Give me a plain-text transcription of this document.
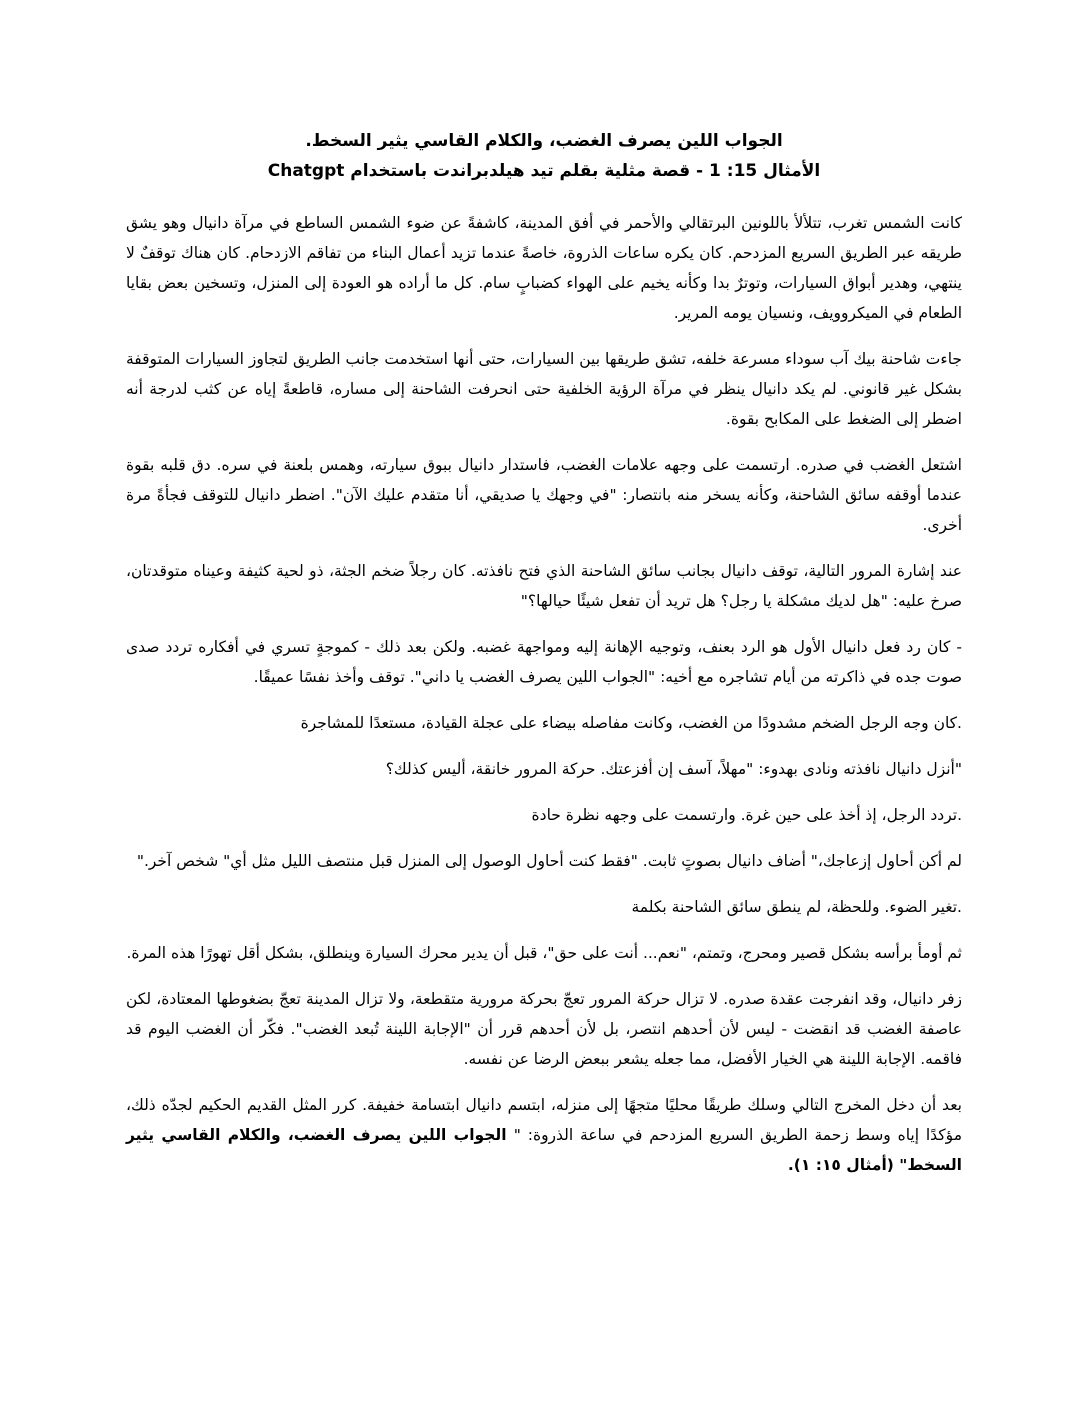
.الجواب اللين يصرف الغضب، والكلام القاسي يثير السخط

Chatgpt الأمثال 15: 1 - قصة مثلية بقلم تيد هيلدبراندت باستخدام

كانت الشمس تغرب، تتلألأ باللونين البرتقالي والأحمر في أفق المدينة، كاشفةً عن ضوء الشمس الساطع في مرآة دانيال وهو يشق طريقه عبر الطريق السريع المزدحم. كان يكره ساعات الذروة، خاصةً عندما تزيد أعمال البناء من تفاقم الازدحام. كان هناك توقفٌ لا ينتهي، وهدير أبواق السيارات، وتوترٌ بدا وكأنه يخيم على الهواء كضبابٍ سام. كل ما أراده هو العودة إلى المنزل، وتسخين بعض بقايا الطعام في الميكروويف، ونسيان يومه المرير.

جاءت شاحنة بيك آب سوداء مسرعة خلفه، تشق طريقها بين السيارات، حتى أنها استخدمت جانب الطريق لتجاوز السيارات المتوقفة بشكل غير قانوني. لم يكد دانيال ينظر في مرآة الرؤية الخلفية حتى انحرفت الشاحنة إلى مساره، قاطعةً إياه عن كثب لدرجة أنه اضطر إلى الضغط على المكابح بقوة.

اشتعل الغضب في صدره. ارتسمت على وجهه علامات الغضب، فاستدار دانيال ببوق سيارته، وهمس بلعنة في سره. دق قلبه بقوة عندما أوقفه سائق الشاحنة، وكأنه يسخر منه بانتصار: "في وجهك يا صديقي، أنا متقدم عليك الآن". اضطر دانيال للتوقف فجأةً مرة أخرى.

عند إشارة المرور التالية، توقف دانيال بجانب سائق الشاحنة الذي فتح نافذته. كان رجلاً ضخم الجثة، ذو لحية كثيفة وعيناه متوقدتان، صرخ عليه: "هل لديك مشكلة يا رجل؟ هل تريد أن تفعل شيئًا حيالها؟"

- كان رد فعل دانيال الأول هو الرد بعنف، وتوجيه الإهانة إليه ومواجهة غضبه. ولكن بعد ذلك - كموجةٍ تسري في أفكاره تردد صدى صوت جده في ذاكرته من أيام تشاجره مع أخيه: "الجواب اللين يصرف الغضب يا داني". توقف وأخذ نفسًا عميقًا.

.كان وجه الرجل الضخم مشدودًا من الغضب، وكانت مفاصله بيضاء على عجلة القيادة، مستعدًا للمشاجرة

"أنزل دانيال نافذته ونادى بهدوء: "مهلاً، آسف إن أفزعتك. حركة المرور خانقة، أليس كذلك؟

.تردد الرجل، إذ أخذ على حين غرة. وارتسمت على وجهه نظرة حادة

لم أكن أحاول إزعاجك،" أضاف دانيال بصوتٍ ثابت. "فقط كنت أحاول الوصول إلى المنزل قبل منتصف الليل مثل أي" شخص آخر."

.تغير الضوء. وللحظة، لم ينطق سائق الشاحنة بكلمة

ثم أومأ برأسه بشكل قصير ومحرج، وتمتم، "نعم... أنت على حق"، قبل أن يدير محرك السيارة وينطلق، بشكل أقل تهورًا هذه المرة.

زفر دانيال، وقد انفرجت عقدة صدره. لا تزال حركة المرور تعجّ بحركة مرورية متقطعة، ولا تزال المدينة تعجّ بضغوطها المعتادة، لكن عاصفة الغضب قد انقضت - ليس لأن أحدهم انتصر، بل لأن أحدهم قرر أن "الإجابة اللينة تُبعد الغضب". فكّر أن الغضب اليوم قد فاقمه. الإجابة اللينة هي الخيار الأفضل، مما جعله يشعر ببعض الرضا عن نفسه.

بعد أن دخل المخرج التالي وسلك طريقًا محليًا متجهًا إلى منزله، ابتسم دانيال ابتسامة خفيفة. كرر المثل القديم الحكيم لجدّه ذلك، مؤكدًا إياه وسط زحمة الطريق السريع المزدحم في ساعة الذروة: " الجواب اللين يصرف الغضب، والكلام القاسي يثير السخط" (أمثال ١٥: ١).
